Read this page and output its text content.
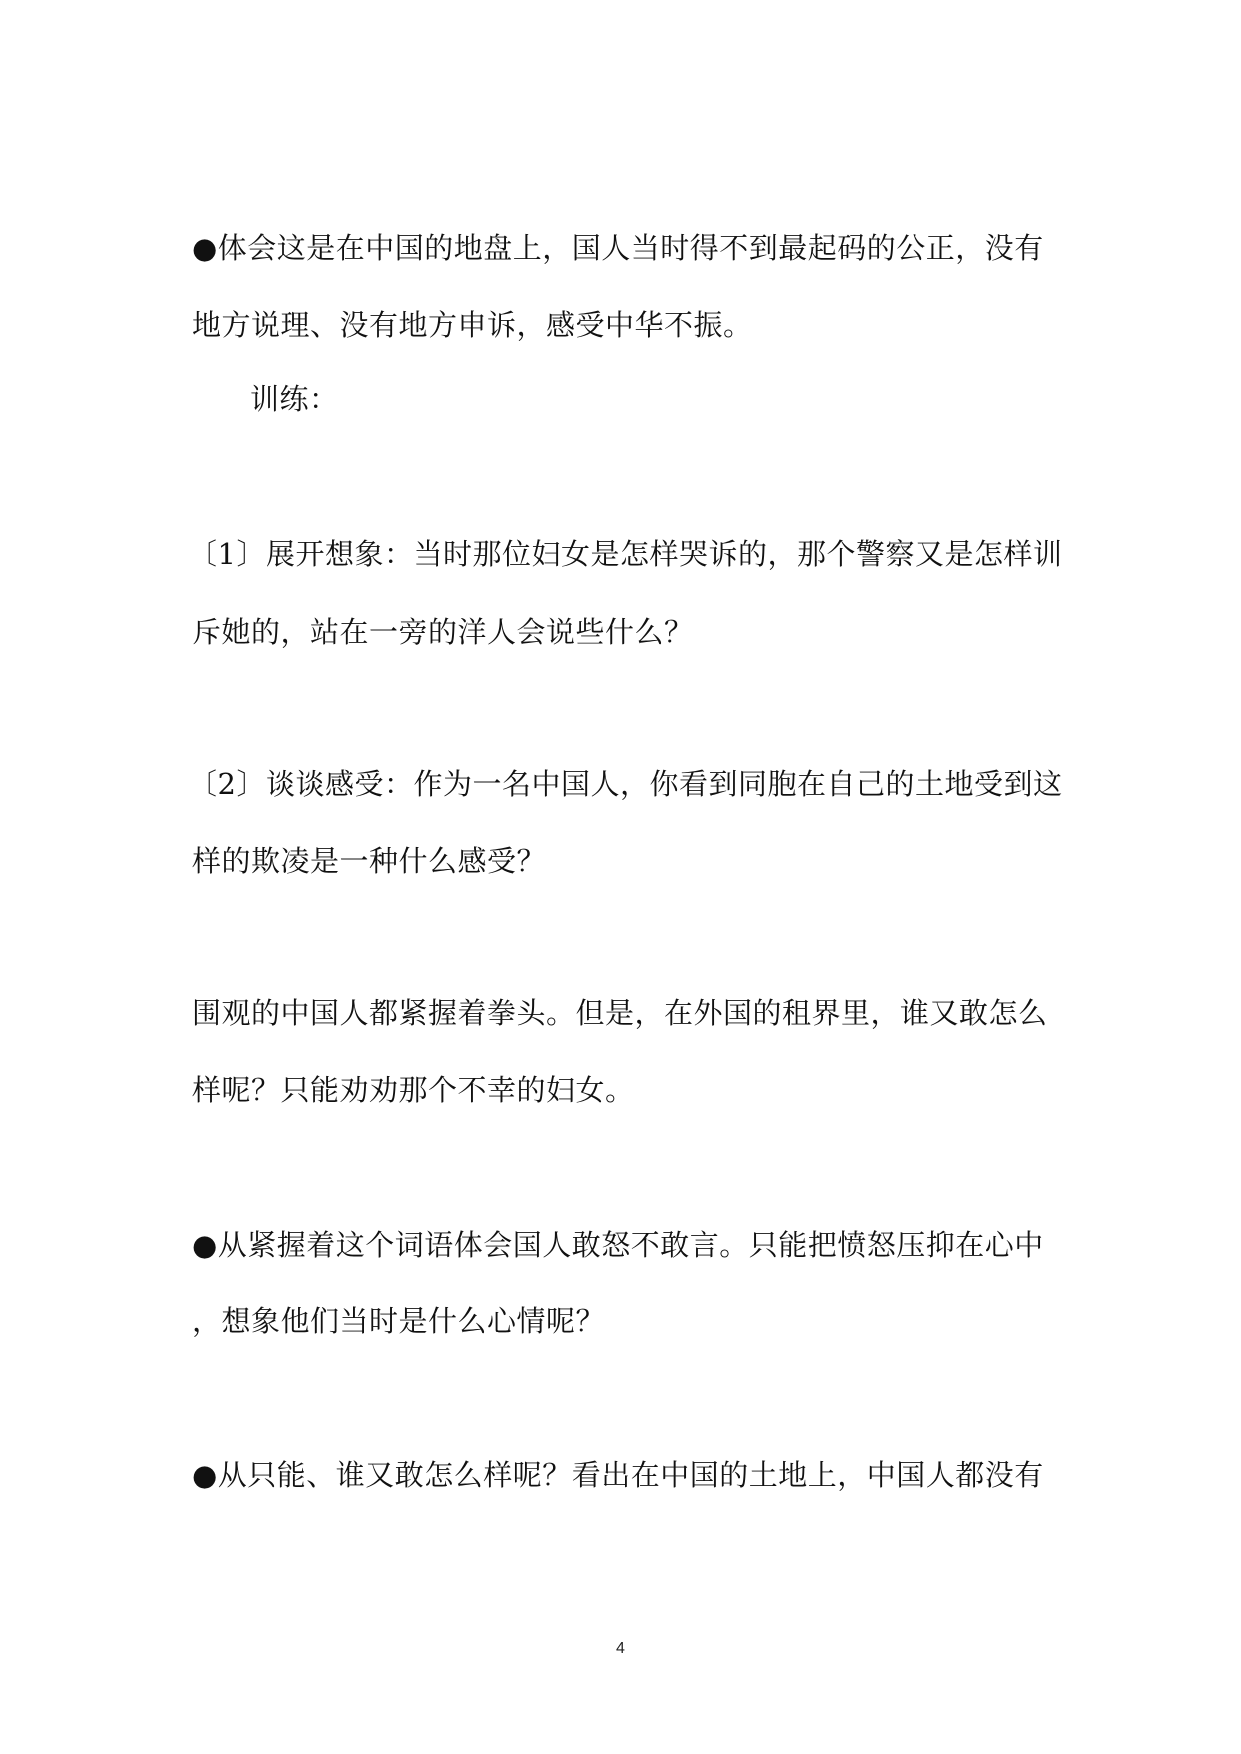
●体会这是在中国的地盘上，国人当时得不到最起码的公正，没有
地方说理、没有地方申诉，感受中华不振。
训练：
〔1〕展开想象：当时那位妇女是怎样哭诉的，那个警察又是怎样训
斥她的，站在一旁的洋人会说些什么？
〔2〕谈谈感受：作为一名中国人，你看到同胞在自己的土地受到这
样的欺凌是一种什么感受？
围观的中国人都紧握着拳头。但是，在外国的租界里，谁又敢怎么
样呢？只能劝劝那个不幸的妇女。
●从紧握着这个词语体会国人敢怒不敢言。只能把愤怒压抑在心中
，想象他们当时是什么心情呢？
●从只能、谁又敢怎么样呢？看出在中国的土地上，中国人都没有
4
